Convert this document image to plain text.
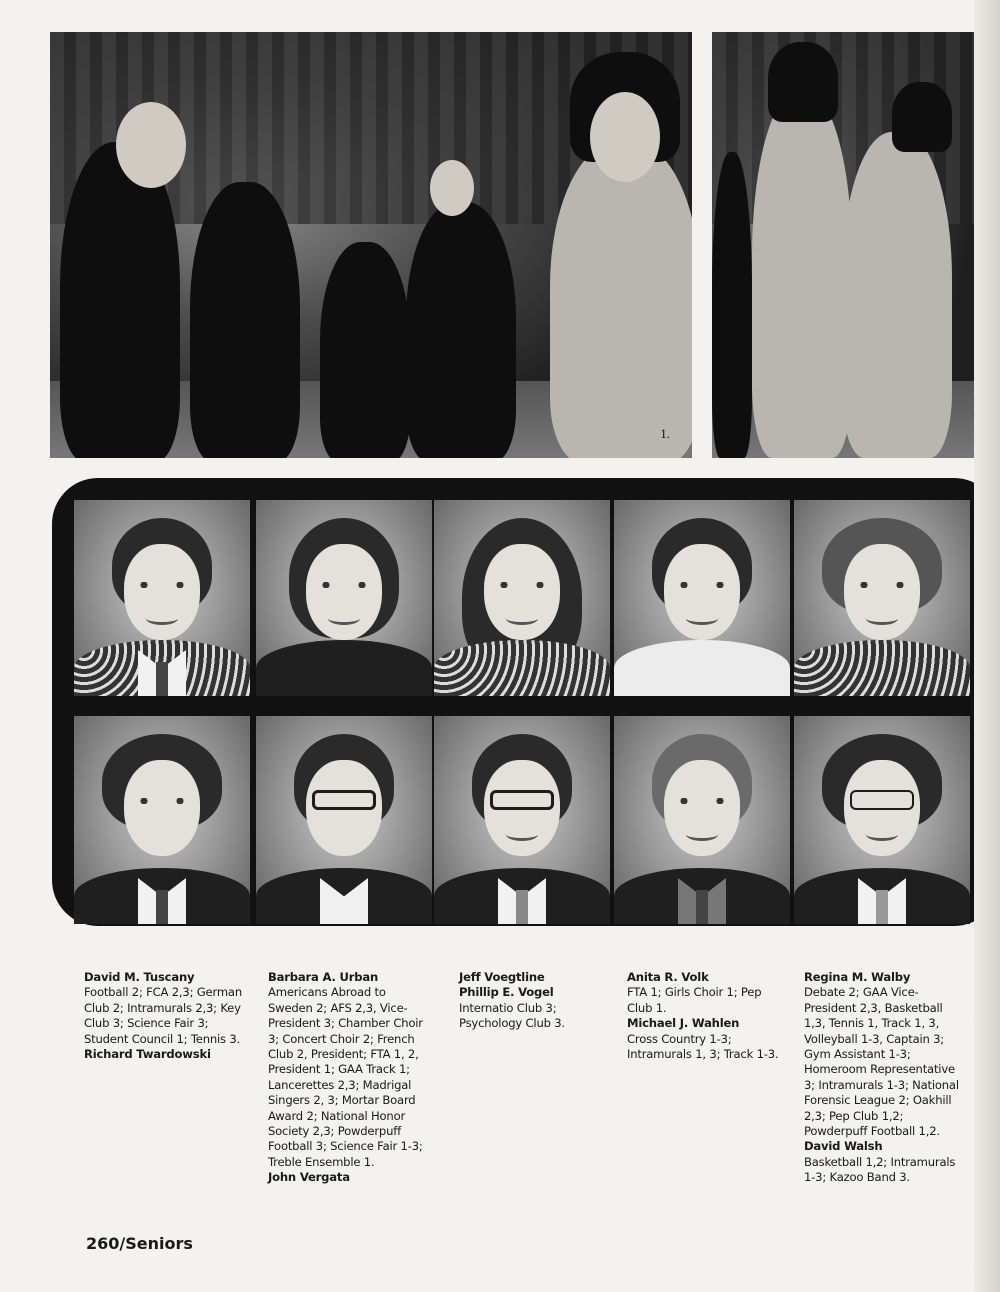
1.
David M. Tuscany
Football 2; FCA 2,3; German Club 2; Intramurals 2,3; Key Club 3; Science Fair 3; Student Council 1; Tennis 3.
Richard Twardowski
Barbara A. Urban
Americans Abroad to Sweden 2; AFS 2,3, Vice-President 3; Chamber Choir 3; Concert Choir 2; French Club 2, President; FTA 1, 2, President 1; GAA Track 1; Lancerettes 2,3; Madrigal Singers 2, 3; Mortar Board Award 2; National Honor Society 2,3; Powderpuff Football 3; Science Fair 1-3; Treble Ensemble 1.
John Vergata
Jeff Voegtline
Phillip E. Vogel
Internatio Club 3; Psychology Club 3.
Anita R. Volk
FTA 1; Girls Choir 1; Pep Club 1.
Michael J. Wahlen
Cross Country 1-3; Intramurals 1, 3; Track 1-3.
Regina M. Walby
Debate 2; GAA Vice-President 2,3, Basketball 1,3, Tennis 1, Track 1, 3, Volleyball 1-3, Captain 3; Gym Assistant 1-3; Homeroom Representative 3; Intramurals 1-3; National Forensic League 2; Oakhill 2,3; Pep Club 1,2; Powderpuff Football 1,2.
David Walsh
Basketball 1,2; Intramurals 1-3; Kazoo Band 3.
260/Seniors
